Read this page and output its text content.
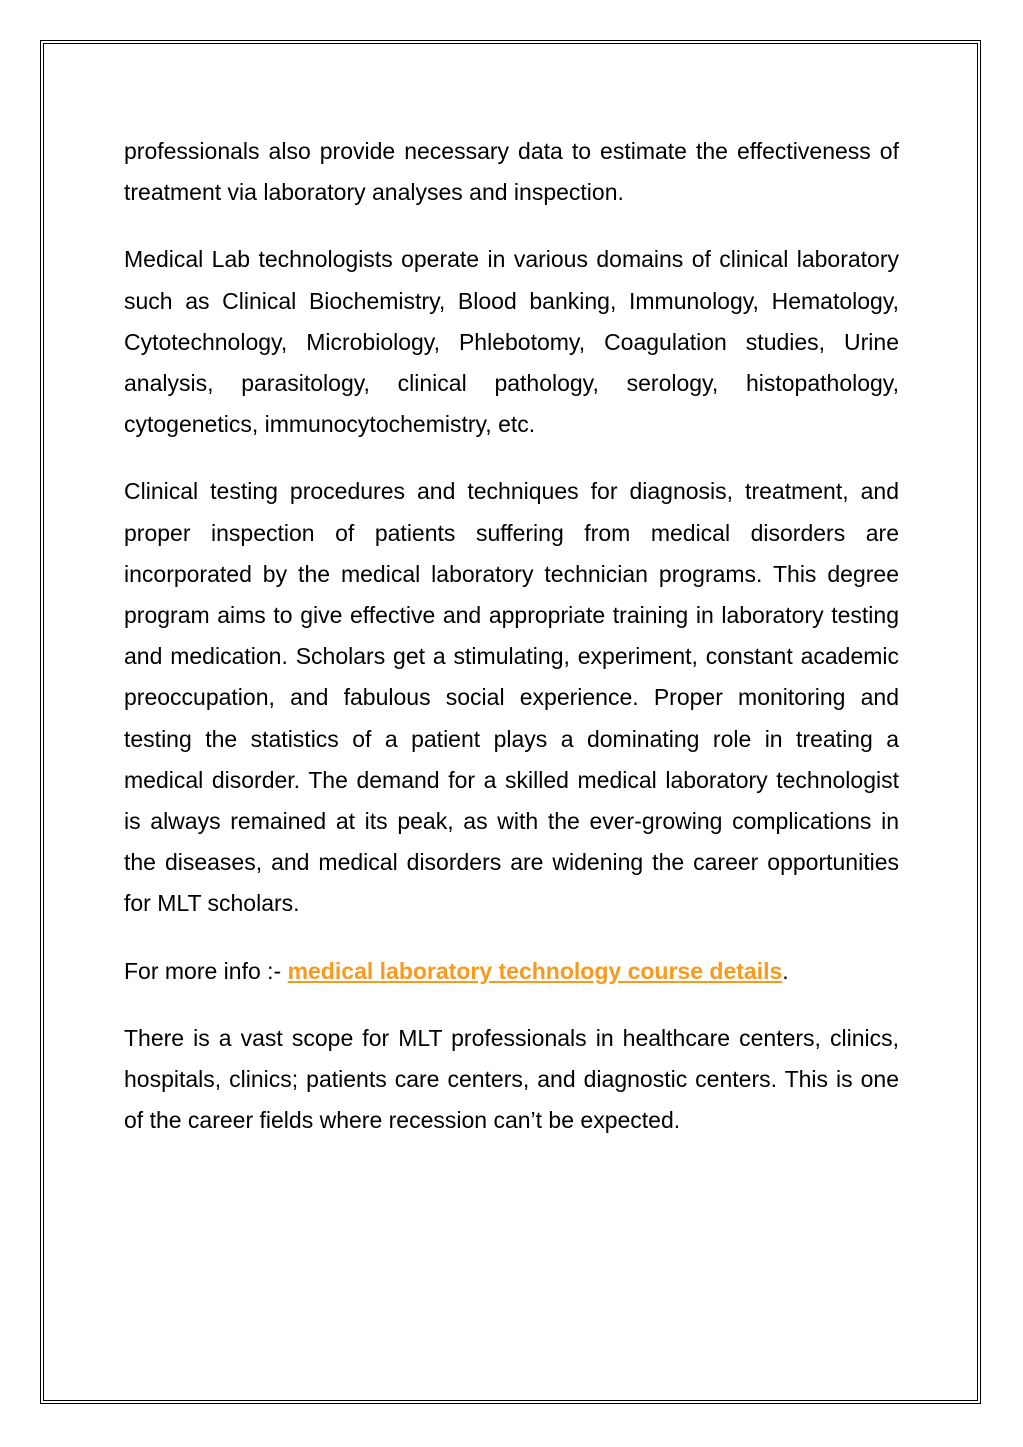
professionals also provide necessary data to estimate the effectiveness of treatment via laboratory analyses and inspection.

Medical Lab technologists operate in various domains of clinical laboratory such as Clinical Biochemistry, Blood banking, Immunology, Hematology, Cytotechnology, Microbiology, Phlebotomy, Coagulation studies, Urine analysis, parasitology, clinical pathology, serology, histopathology, cytogenetics, immunocytochemistry, etc.

Clinical testing procedures and techniques for diagnosis, treatment, and proper inspection of patients suffering from medical disorders are incorporated by the medical laboratory technician programs. This degree program aims to give effective and appropriate training in laboratory testing and medication. Scholars get a stimulating, experiment, constant academic preoccupation, and fabulous social experience. Proper monitoring and testing the statistics of a patient plays a dominating role in treating a medical disorder. The demand for a skilled medical laboratory technologist is always remained at its peak, as with the ever-growing complications in the diseases, and medical disorders are widening the career opportunities for MLT scholars.

For more info :- medical laboratory technology course details.

There is a vast scope for MLT professionals in healthcare centers, clinics, hospitals, clinics; patients care centers, and diagnostic centers. This is one of the career fields where recession can’t be expected.
